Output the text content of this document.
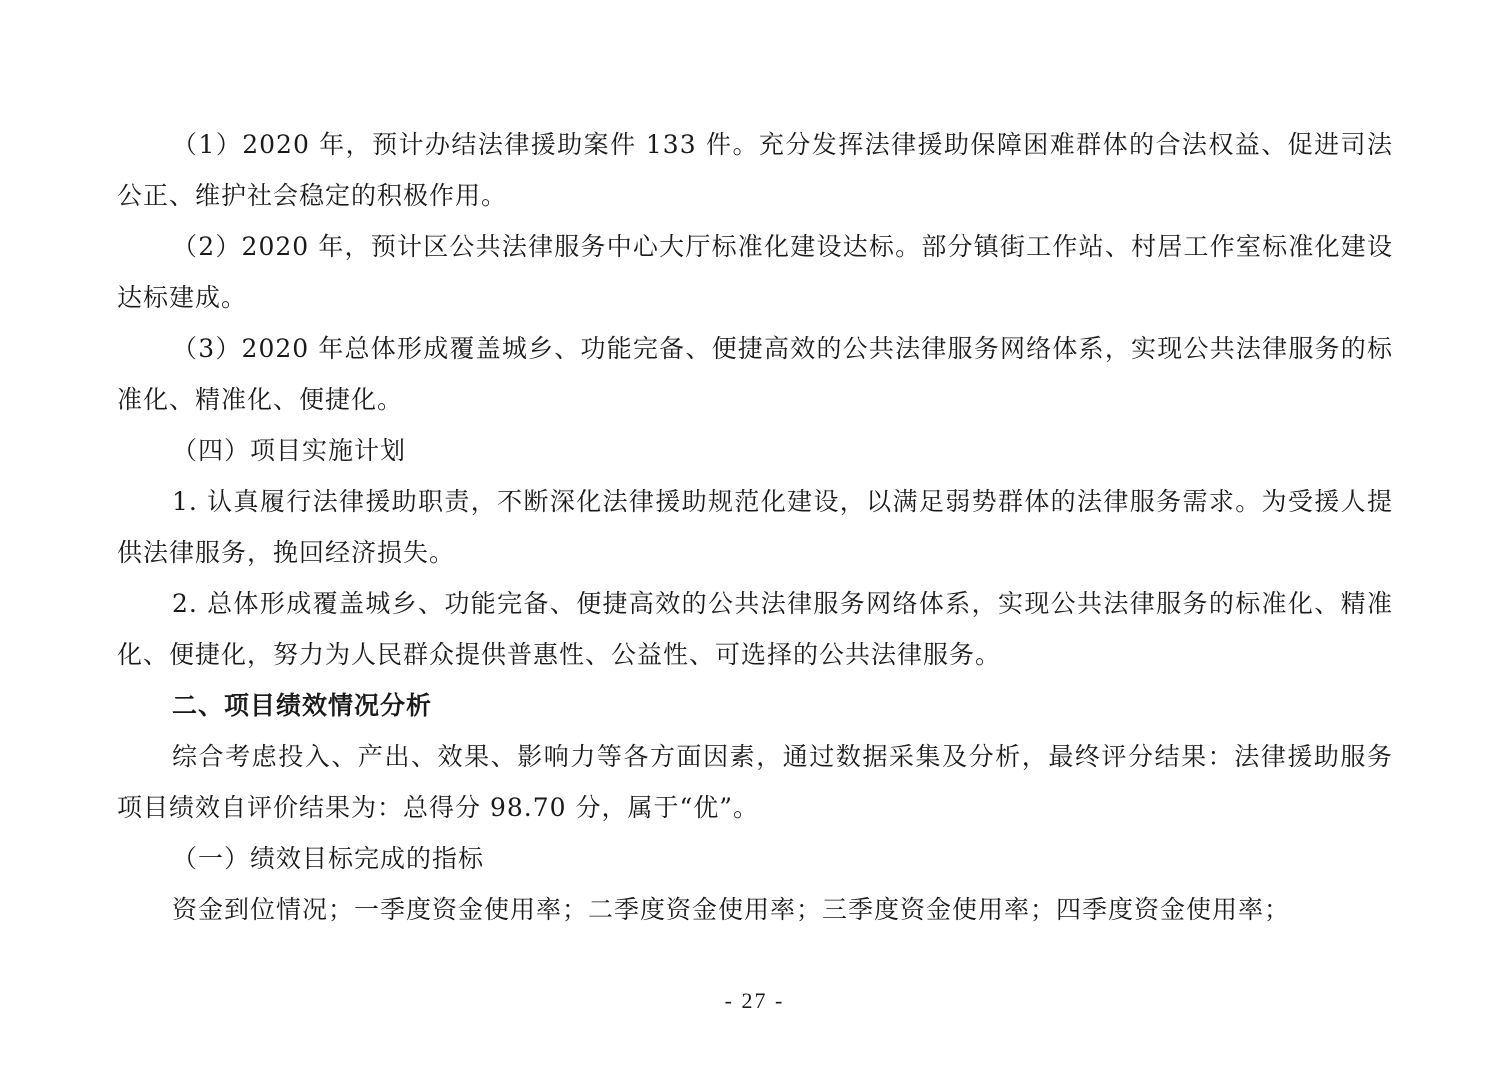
（1）2020 年，预计办结法律援助案件 133 件。充分发挥法律援助保障困难群体的合法权益、促进司法公正、维护社会稳定的积极作用。

（2）2020 年，预计区公共法律服务中心大厅标准化建设达标。部分镇街工作站、村居工作室标准化建设达标建成。

（3）2020 年总体形成覆盖城乡、功能完备、便捷高效的公共法律服务网络体系，实现公共法律服务的标准化、精准化、便捷化。

（四）项目实施计划

1. 认真履行法律援助职责，不断深化法律援助规范化建设，以满足弱势群体的法律服务需求。为受援人提供法律服务，挽回经济损失。

2. 总体形成覆盖城乡、功能完备、便捷高效的公共法律服务网络体系，实现公共法律服务的标准化、精准化、便捷化，努力为人民群众提供普惠性、公益性、可选择的公共法律服务。

二、项目绩效情况分析

综合考虑投入、产出、效果、影响力等各方面因素，通过数据采集及分析，最终评分结果：法律援助服务项目绩效自评价结果为：总得分 98.70 分，属于“优”。

（一）绩效目标完成的指标

资金到位情况；一季度资金使用率；二季度资金使用率；三季度资金使用率；四季度资金使用率；

- 27 -
